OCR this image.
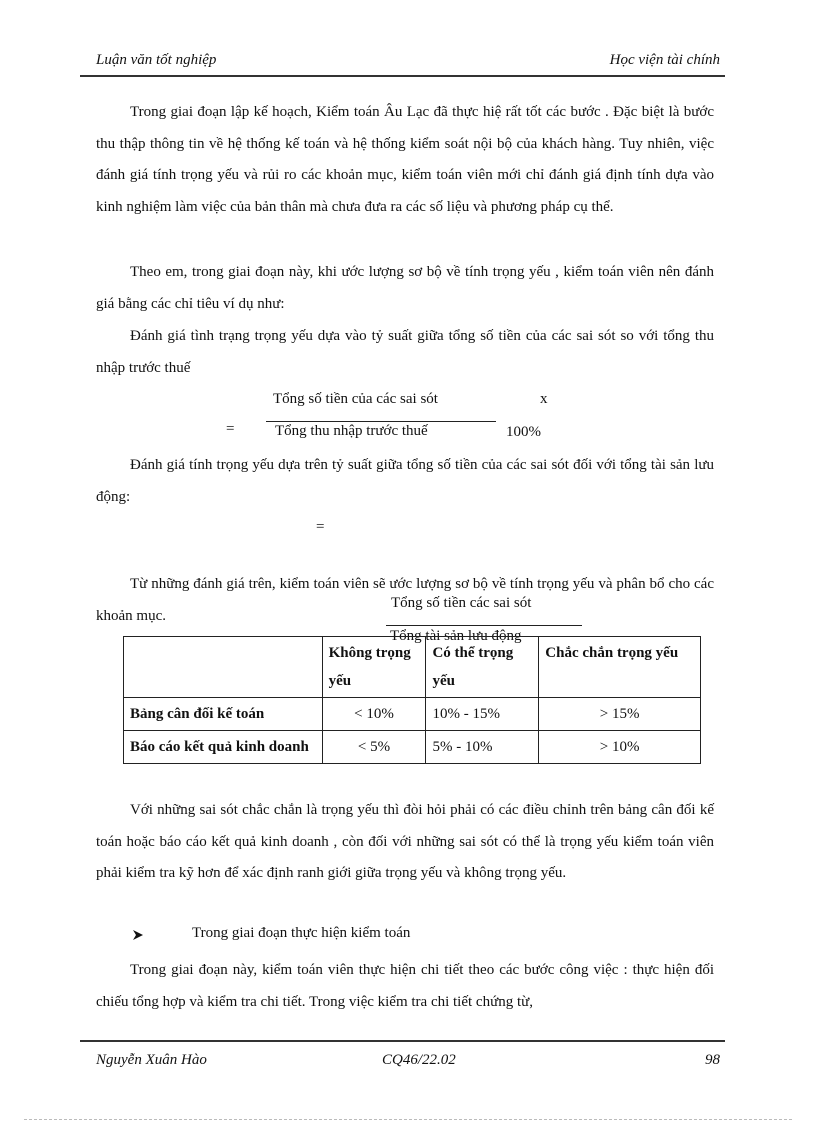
Luận văn tốt nghiệp	Học viện tài chính
Trong giai đoạn lập kế hoạch, Kiểm toán Âu Lạc đã thực hiệ rất tốt các bước . Đặc biệt là bước thu thập thông tin về hệ thống kế toán và hệ thống kiểm soát nội bộ của khách hàng. Tuy nhiên, việc đánh giá tính trọng yếu và rủi ro các khoản mục, kiểm toán viên mới chỉ đánh giá định tính dựa vào kinh nghiệm làm việc của bản thân mà chưa đưa ra các số liệu và phương pháp cụ thể.
Theo em, trong giai đoạn này, khi ước lượng sơ bộ về tính trọng yếu , kiểm toán viên nên đánh giá bằng các chỉ tiêu ví dụ như:
Đánh giá tình trạng trọng yếu dựa vào tỷ suất giữa tổng số tiền của các sai sót so với tổng thu nhập trước thuế
Tổng số tiền của các sai sót
Tổng thu nhập trước thuế
=
x
100%
Đánh giá tính trọng yếu dựa trên tỷ suất giữa tổng số tiền của các sai sót đối với tổng tài sản lưu động:
=
Từ những đánh giá trên, kiểm toán viên sẽ ước lượng sơ bộ về tính trọng yếu và phân bổ cho các khoản mục.
Tổng số tiền các sai sót
Tổng tài sản lưu động
	Không trọng yếu	Có thể trọng yếu	Chắc chắn trọng yếu
Bảng cân đối kế toán	< 10%	10% - 15%	> 15%
Báo cáo kết quả kinh doanh	< 5%	5% - 10%	> 10%
Với những sai sót chắc chắn là trọng yếu thì đòi hỏi phải có các điều chỉnh trên bảng cân đối kế toán hoặc báo cáo kết quả kinh doanh , còn đối với những sai sót có thể là trọng yếu kiểm toán viên phải kiểm tra kỹ hơn để xác định ranh giới giữa trọng yếu và không trọng yếu.
Trong giai đoạn thực hiện kiểm toán
Trong giai đoạn này, kiểm toán viên thực hiện chi tiết theo các bước công việc : thực hiện đối chiếu tổng hợp và kiểm tra chi tiết. Trong việc kiểm tra chi tiết chứng từ,
Nguyễn Xuân Hào	CQ46/22.02	98
